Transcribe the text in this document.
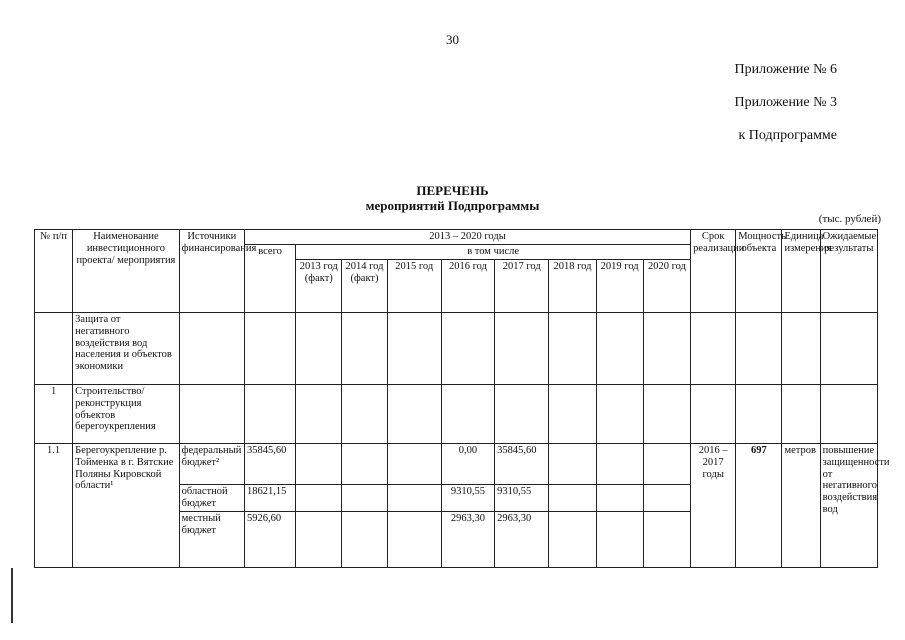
30
Приложение № 6
Приложение № 3
к Подпрограмме
ПЕРЕЧЕНЬ
мероприятий Подпрограммы
(тыс. рублей)
№ п/п	Наименование инвестиционного проекта/ мероприятия	Источники финансирования	2013 – 2020 годы									Срок реализации	Мощность объекта	Единица измерения	Ожидаемые результаты
			всего	в том числе											
				2013 год (факт)	2014 год (факт)	2015 год	2016 год	2017 год	2018 год	2019 год	2020 год				
	Защита от негативного воздействия вод населения и объектов экономики														
1	Строительство/ реконструкция объектов берегоукрепления														
1.1	Берегоукрепление р. Тойменка в г. Вятские Поляны Кировской области¹	федеральный бюджет²	35845,60				0,00	35845,60				2016 – 2017 годы	697	метров	повышение защищенности от негативного воздействия вод
		областной бюджет	18621,15				9310,55	9310,55							
		местный бюджет	5926,60				2963,30	2963,30							
